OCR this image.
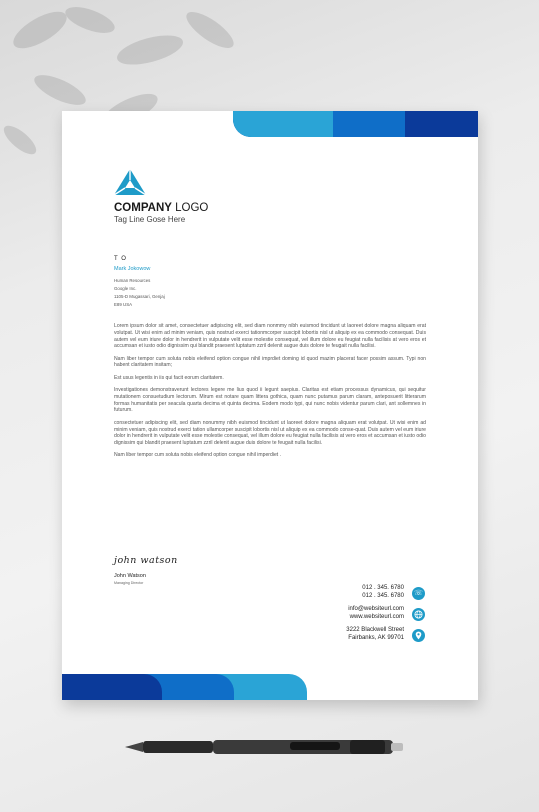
COMPANY LOGO
Tag Line Gose Here
T O
Mark Jokowow
Human Resources
Google Inc.
1105-D Mugassari, Genjaj
E89 USA

Lorem ipsum dolor sit amet, consectetuer adipiscing elit, sed diam nonmmy nibh euismod tincidunt ut laoreet dolore magna aliquam erat volutpat. Ut wisi enim ad minim veniam, quis nostrud exerci tationmcorper suscipit lobortis nisl ut aliquip ex ea commodo consequat. Duis autem vel eum iriure dolor in hendrerit in vulputate velit esse molestie consequat, vel illum dolore eu feugiat nulla facilisis at vero eros et accumsan et iusto odio dignissim qui blandit praesent luptatum zzril delenit augue duis dolore te feugait nulla facilisi.

Nam liber tempor cum soluta nobis eleifend option congue nihil imprdiet doming id quod mazim placerat facer possim assum. Typi non habent claritatem insitam;

Est usus legentis in iis qui facit eorum claritatem.

Investigationes demonstraverunt lectores legere me lius quod ii legunt saepius. Claritas est etiam processus dynamicus, qui sequitur mutationem consuetudium lectorum. Mirum est notare quam littera gothica, quam nunc putamus parum claram, anteposuerit litterarum formas humanitatis per seacula quarta decima et quinta decima. Eodem modo typi, qui nunc nobis videntur parum clari, ant sollemnes in futurum.

consectetuer adipiscing elit, sed diam nonummy nibh euismod tincidunt ut laoreet dolore magna aliquam erat volutpat. Ut wisi enim ad minim veniam, quis nostrud exerci tation ullamcorper suscipit lobortis nisl ut aliquip ex ea commodo conse-quat. Duis autem vel eum iriure dolor in hendrerit in vulputate velit esse molestie consequat, vel illum dolore eu feugiat nulla facilisis at vero eros et accumsan et iusto odio dignissim qui blandit praesent luptatum zzril delenit augue duis dolore te feugait nulla facilisi.

Nam liber tempor cum soluta nobis eleifend option congue nihil imperdiet .

john watson
John Watson
Managing Director
012 . 345. 6780
012 . 345. 6780	☏
info@websiteurl.com
www.websiteurl.com
3222 Blackwell Street
Fairbanks, AK 99701
